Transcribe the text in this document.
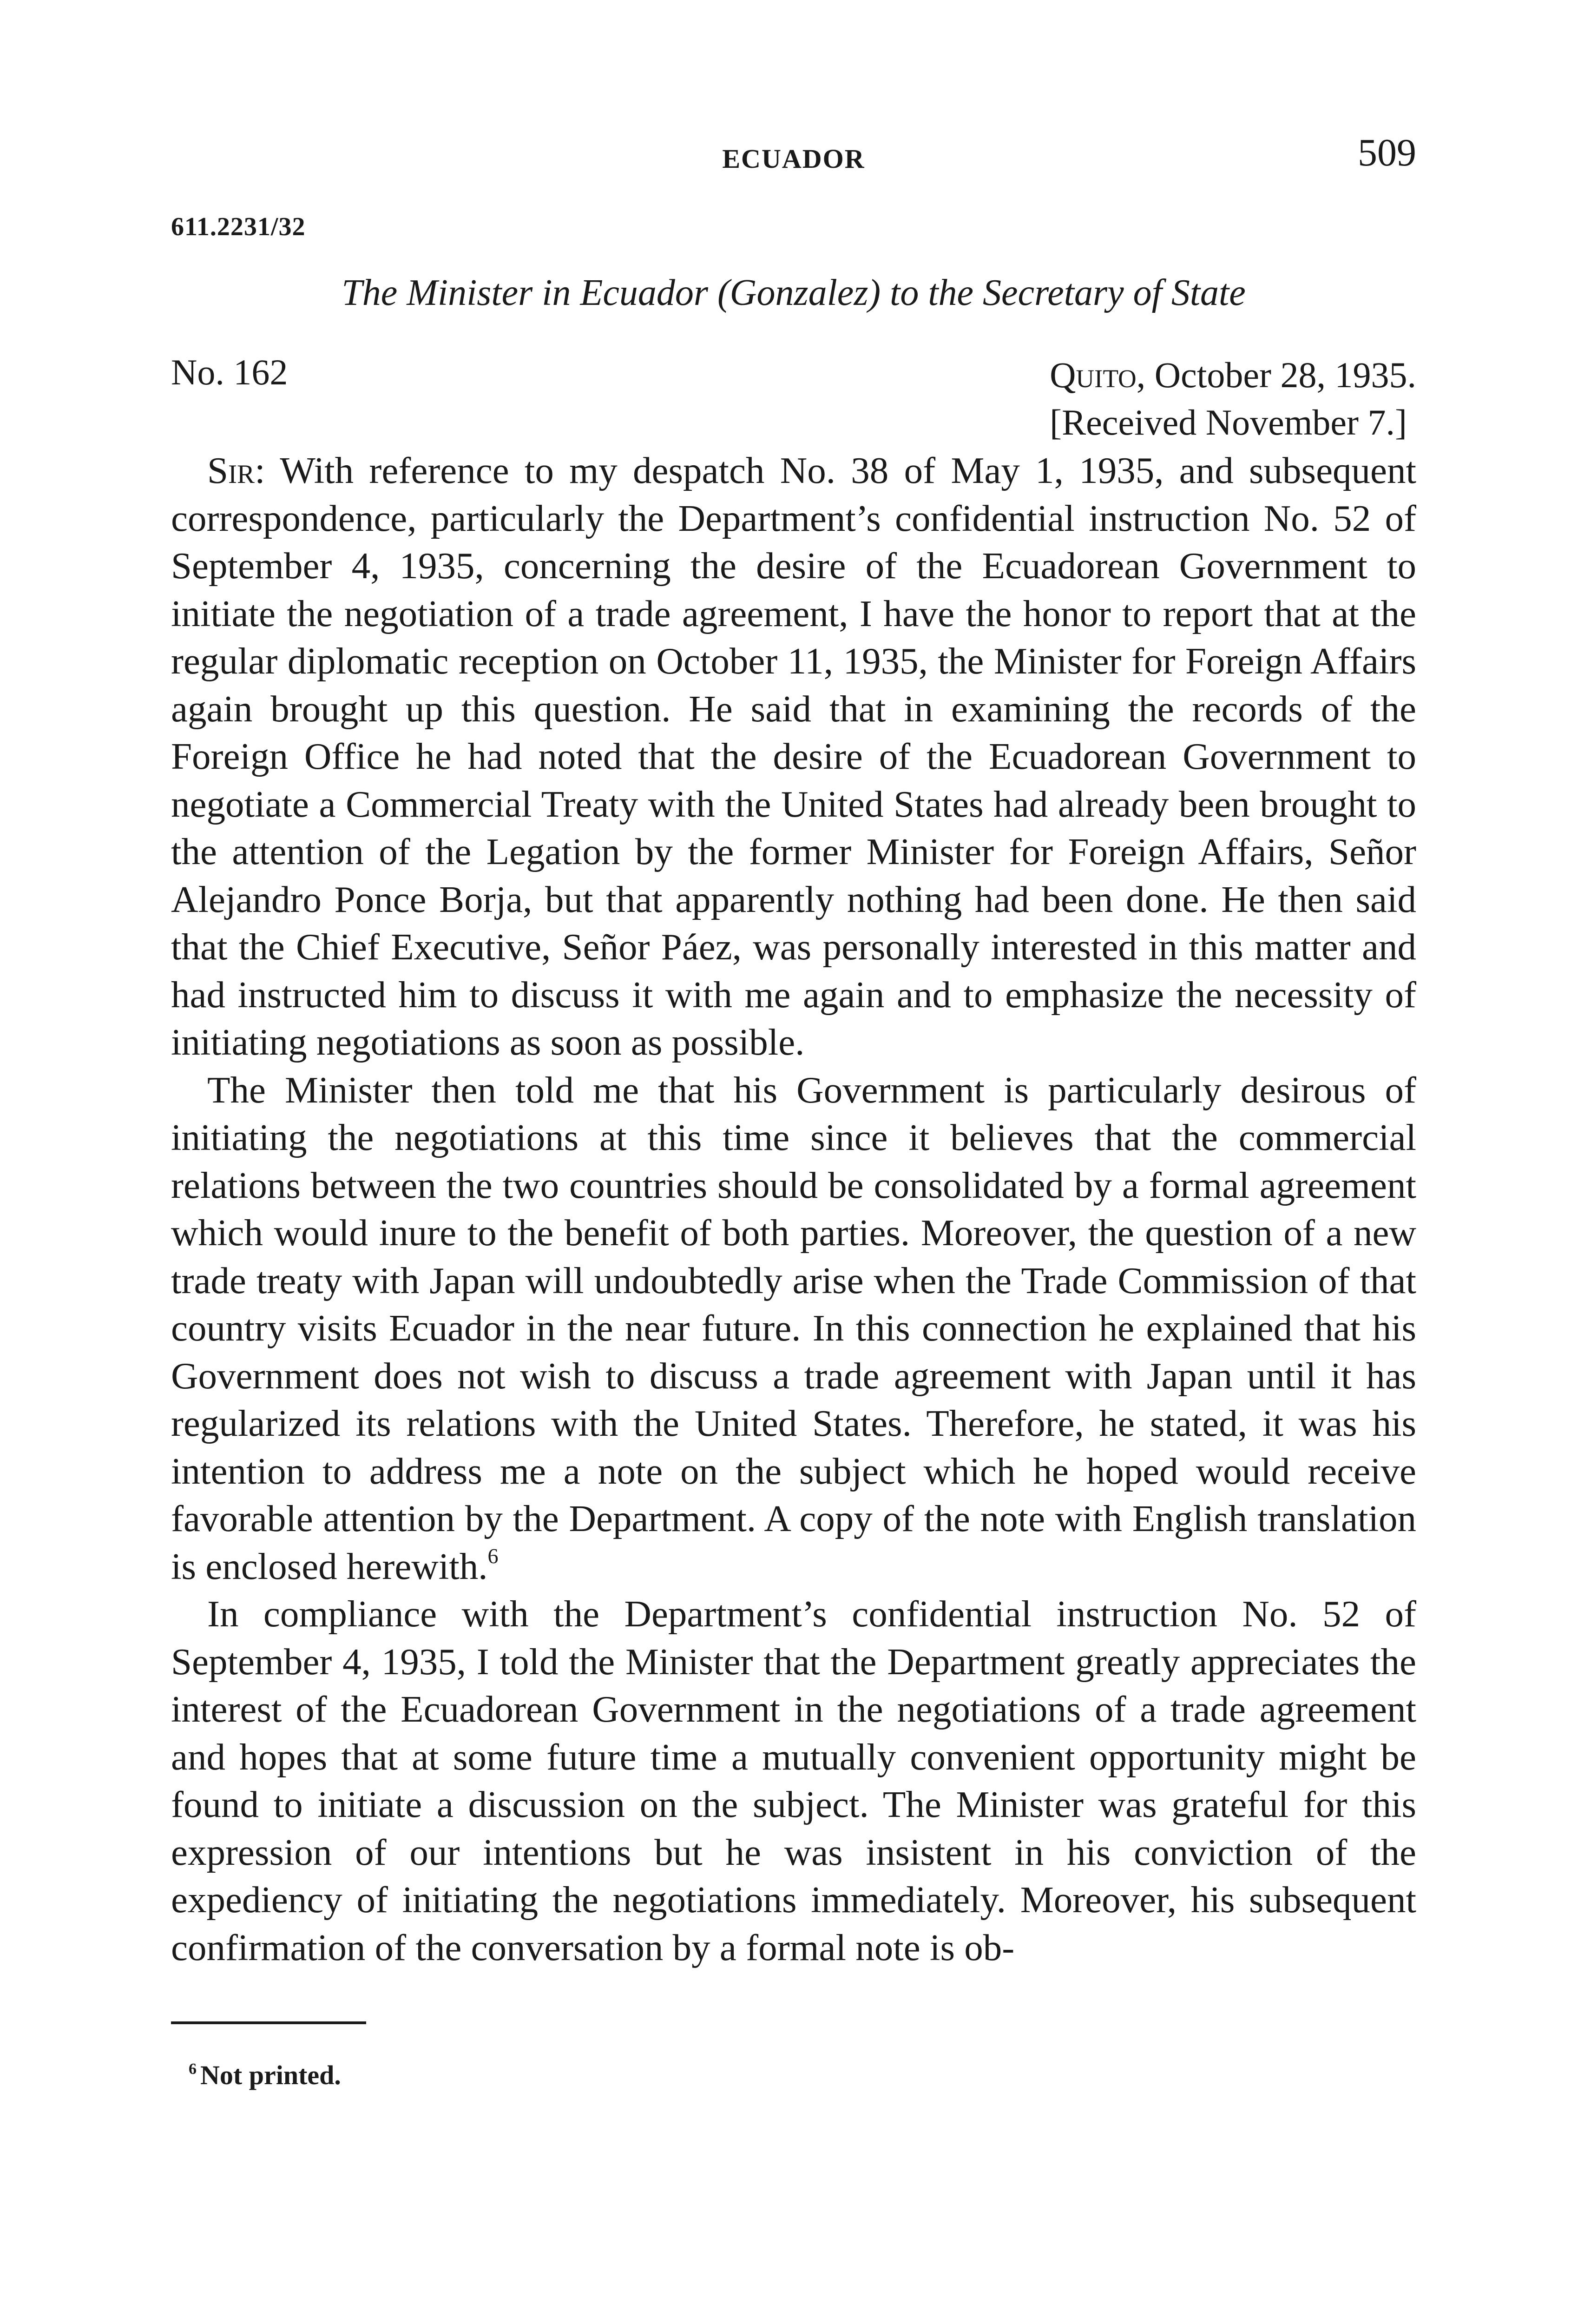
ECUADOR	509
611.2231/32
The Minister in Ecuador (Gonzalez) to the Secretary of State
No. 162	Quito, October 28, 1935.
[Received November 7.]

Sir: With reference to my despatch No. 38 of May 1, 1935, and subsequent correspondence, particularly the Department’s confidential instruction No. 52 of September 4, 1935, concerning the desire of the Ecuadorean Government to initiate the negotiation of a trade agreement, I have the honor to report that at the regular diplomatic reception on October 11, 1935, the Minister for Foreign Affairs again brought up this question. He said that in examining the records of the Foreign Office he had noted that the desire of the Ecuadorean Government to negotiate a Commercial Treaty with the United States had already been brought to the attention of the Legation by the former Minister for Foreign Affairs, Señor Alejandro Ponce Borja, but that apparently nothing had been done. He then said that the Chief Executive, Señor Páez, was personally interested in this matter and had instructed him to discuss it with me again and to emphasize the necessity of initiating negotiations as soon as possible.

The Minister then told me that his Government is particularly desirous of initiating the negotiations at this time since it believes that the commercial relations between the two countries should be consolidated by a formal agreement which would inure to the benefit of both parties. Moreover, the question of a new trade treaty with Japan will undoubtedly arise when the Trade Commission of that country visits Ecuador in the near future. In this connection he explained that his Government does not wish to discuss a trade agreement with Japan until it has regularized its relations with the United States. Therefore, he stated, it was his intention to address me a note on the subject which he hoped would receive favorable attention by the Department. A copy of the note with English translation is enclosed herewith.$^6$

In compliance with the Department’s confidential instruction No. 52 of September 4, 1935, I told the Minister that the Department greatly appreciates the interest of the Ecuadorean Government in the negotiations of a trade agreement and hopes that at some future time a mutually convenient opportunity might be found to initiate a discussion on the subject. The Minister was grateful for this expression of our intentions but he was insistent in his conviction of the expediency of initiating the negotiations immediately. Moreover, his subsequent confirmation of the conversation by a formal note is ob-

$^6$ Not printed.
